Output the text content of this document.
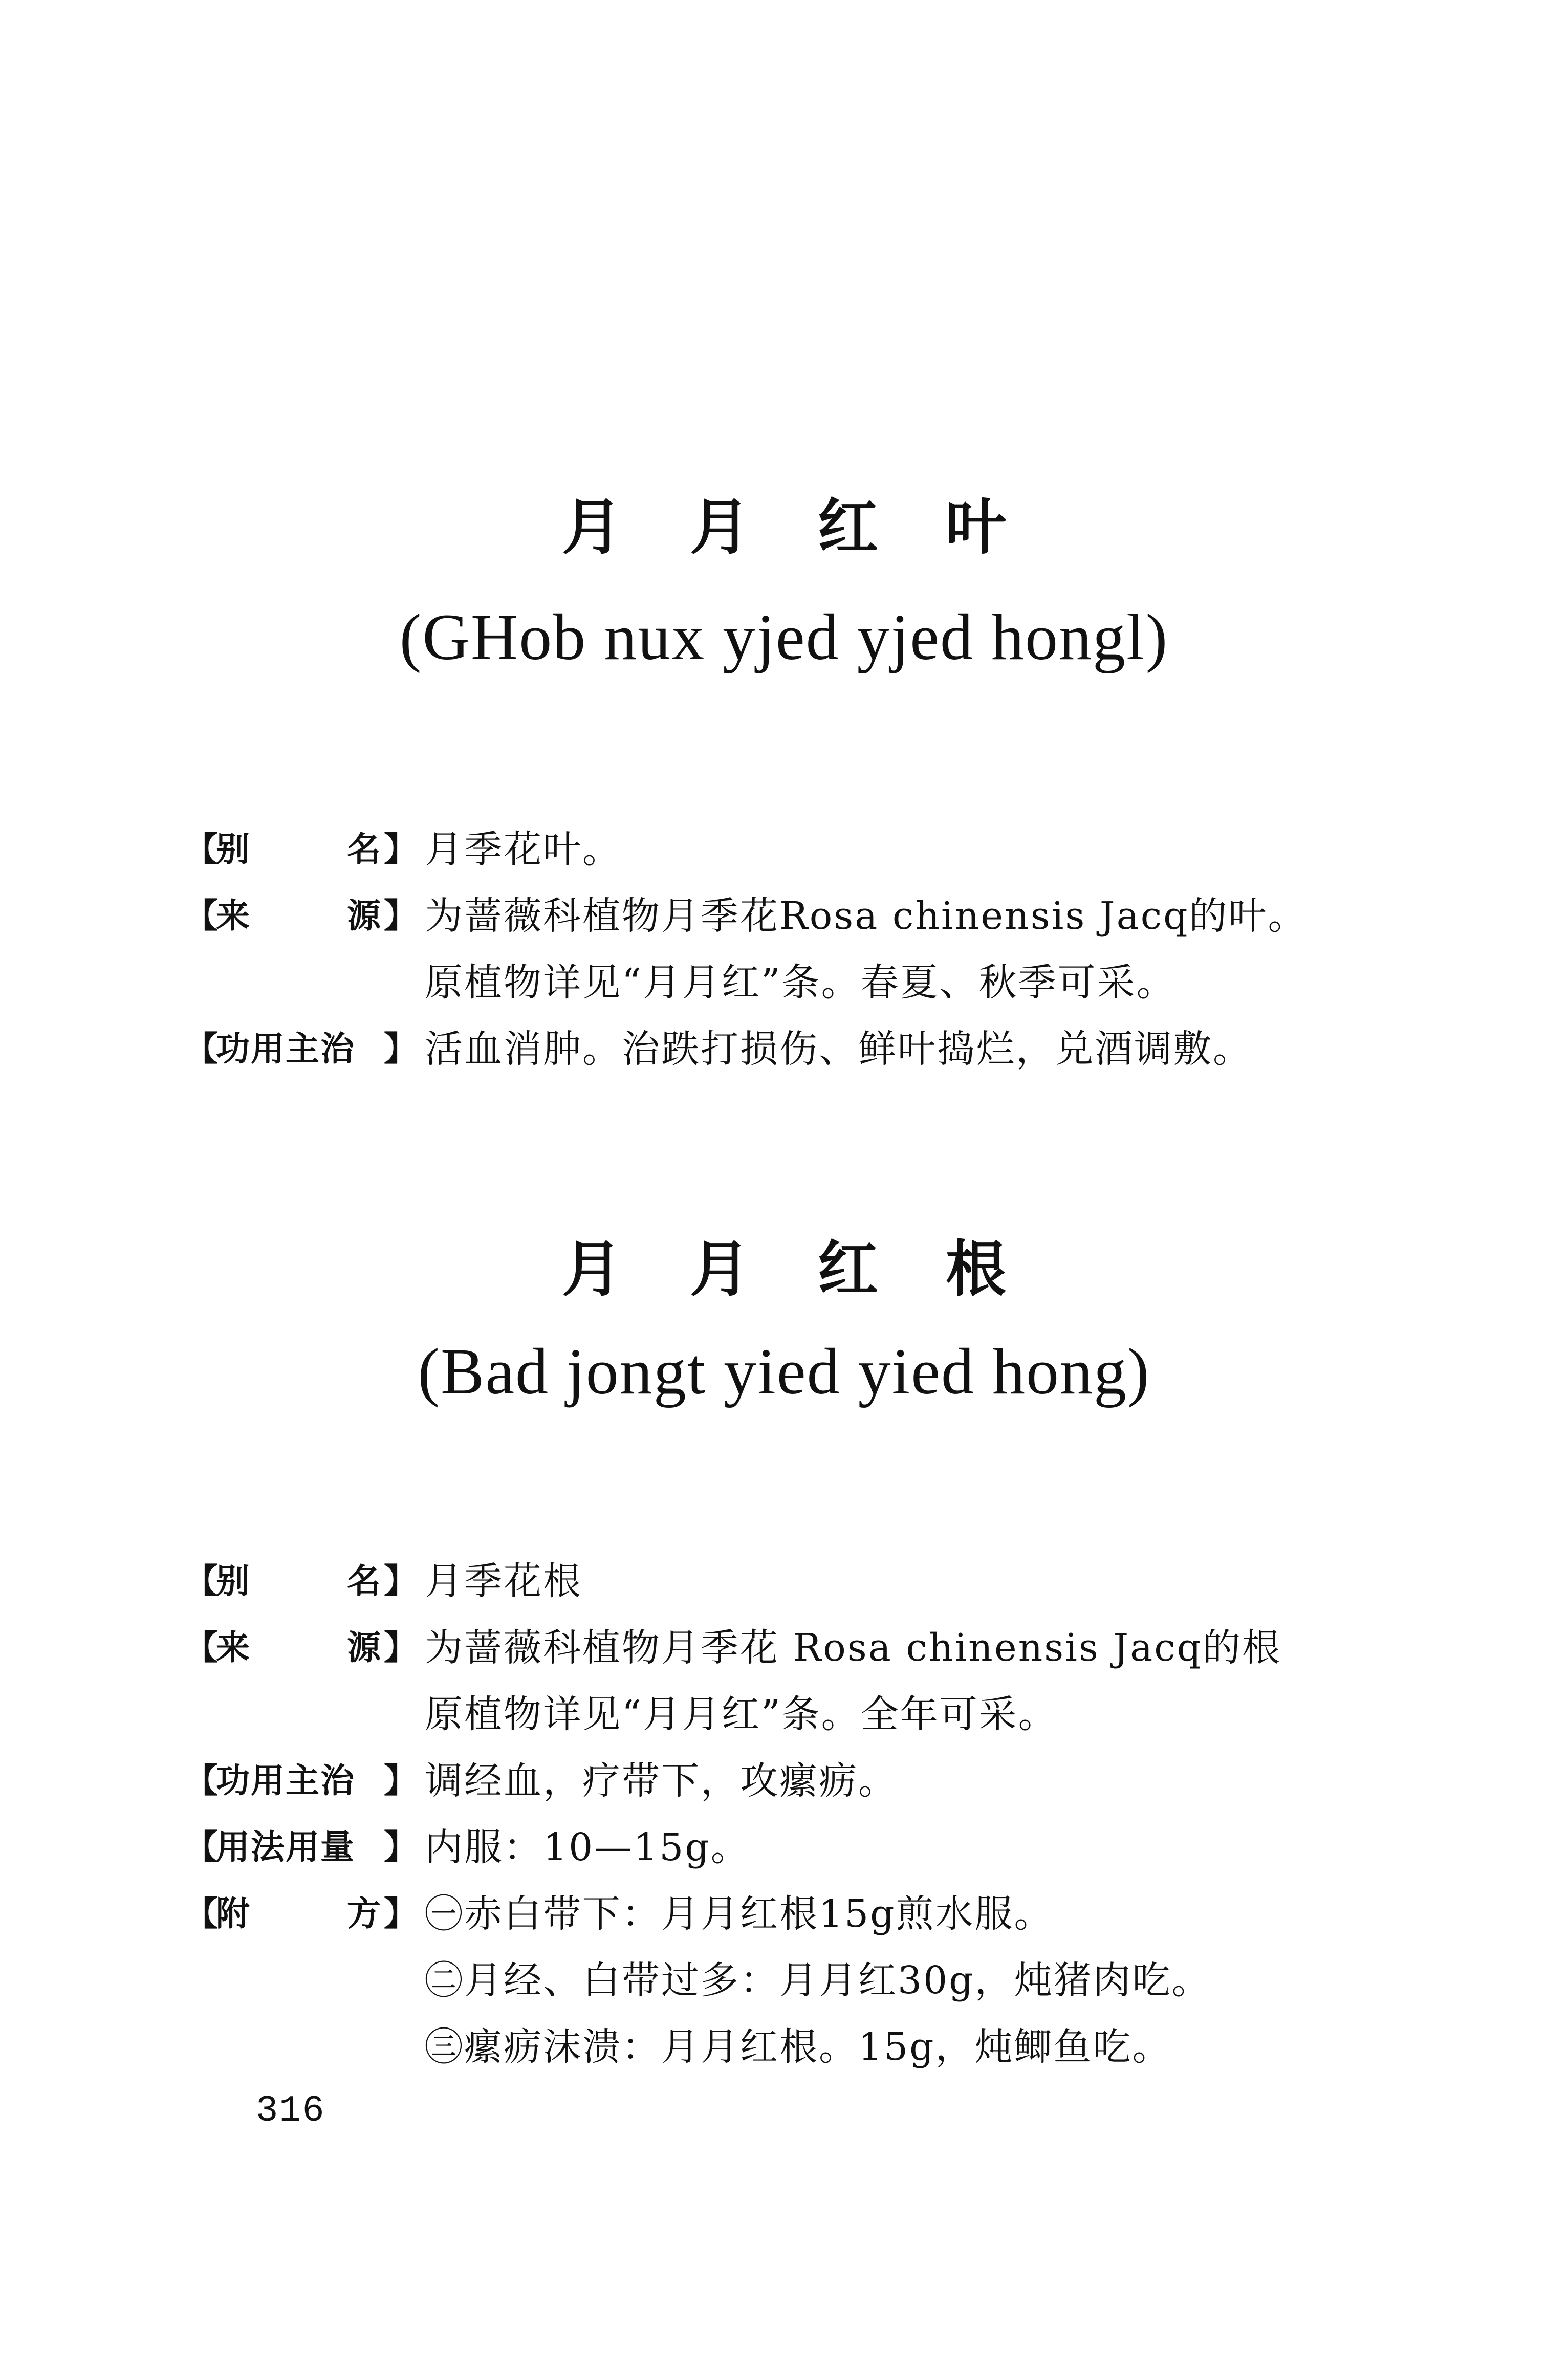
月 月 红 叶
(GHob nux yjed yjed hongl)
【
别	名 】 月季花叶。
【
来	源 】 为蔷薇科植物月季花Rosa chinensis Jacq的叶。
原植物详见“月月红”条。春夏、秋季可采。
【
功用主治 】 活血消肿。治跌打损伤、鲜叶捣烂，兑酒调敷。
月 月 红 根
(Bad jongt yied yied hong)
【
别	名 】 月季花根
【
来	源 】 为蔷薇科植物月季花 Rosa chinensis Jacq的根
原植物详见“月月红”条。全年可采。
【
功用主治 】 调经血，疗带下，攻瘰疬。
【
用法用量 】 内服：10—15g。
【
附	方 】 ㊀赤白带下：月月红根15g煎水服。
㊁月经、白带过多：月月红30g，炖猪肉吃。
㊂瘰疬沫溃：月月红根。15g，炖鲫鱼吃。
316
